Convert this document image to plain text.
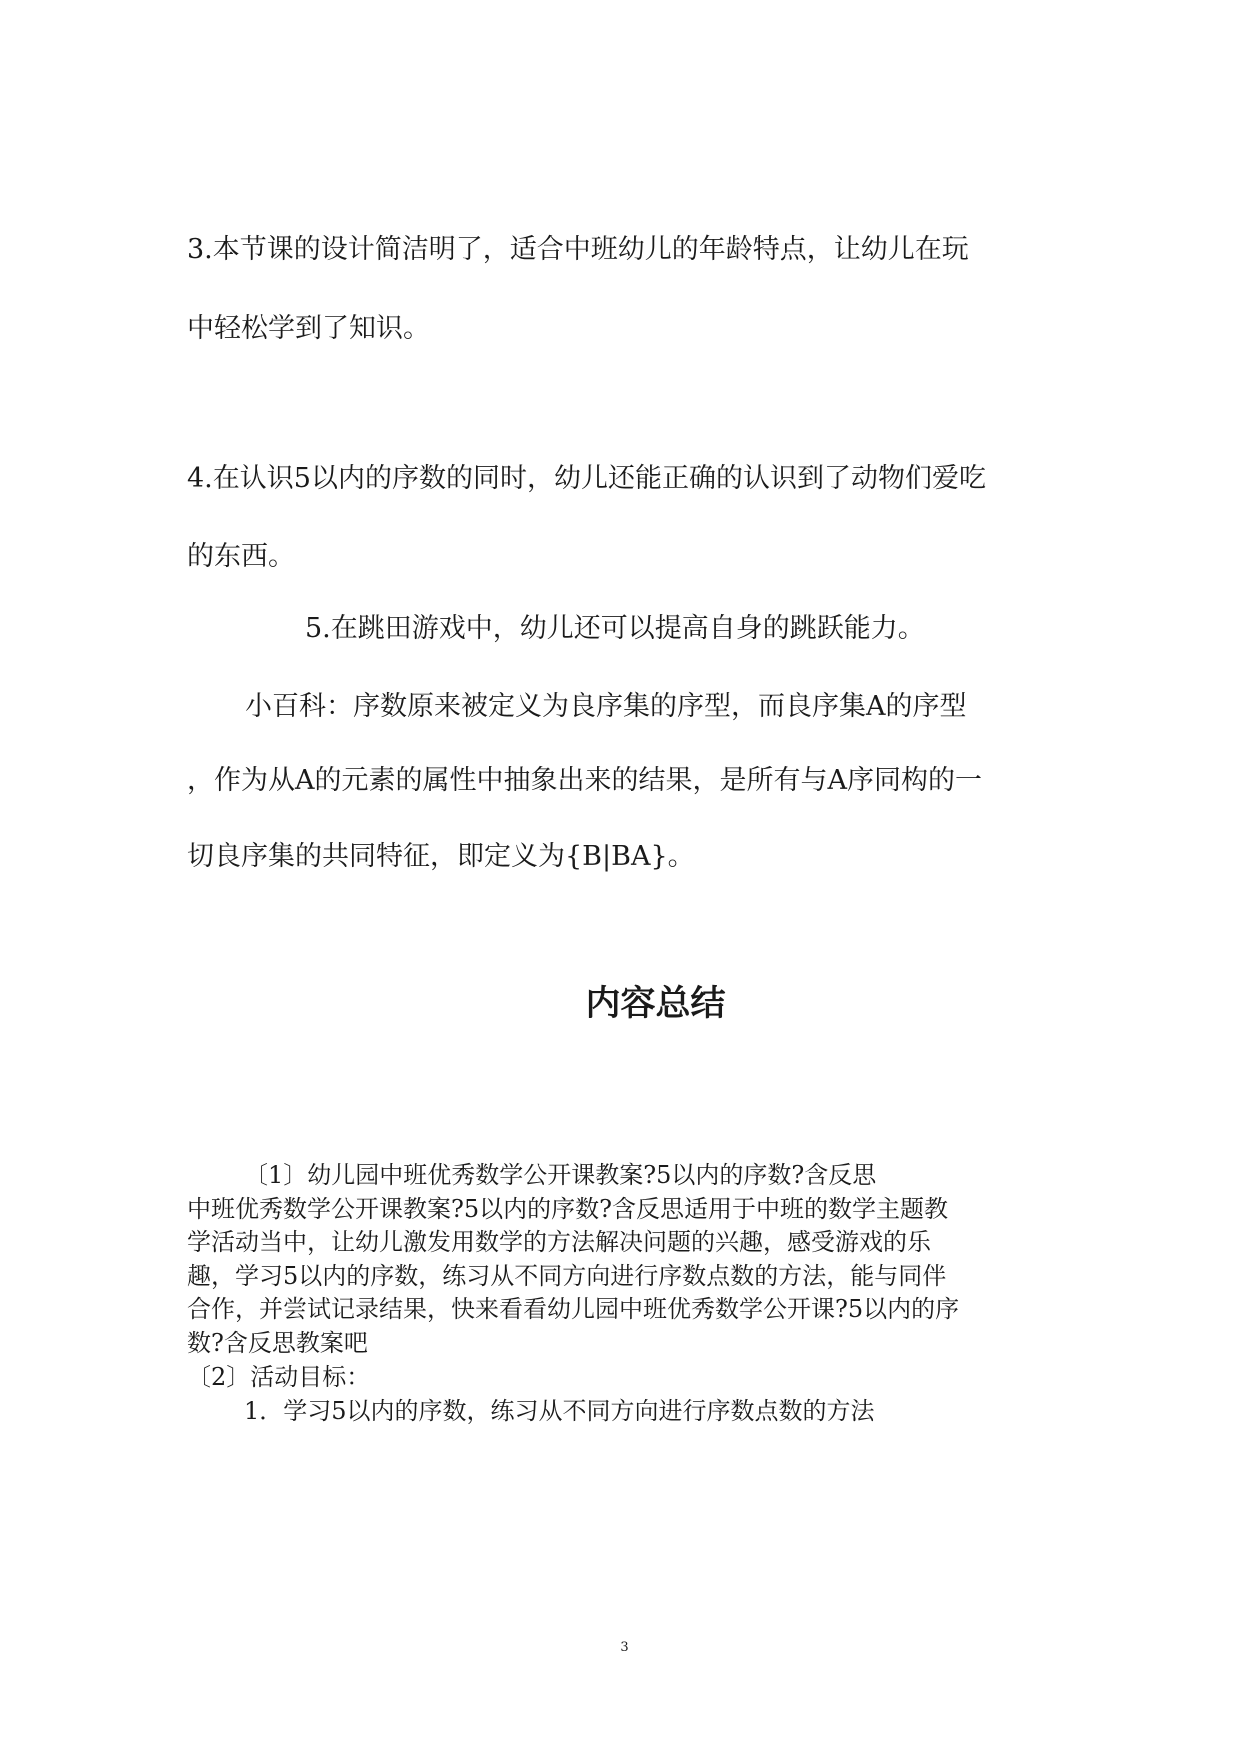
3.本节课的设计简洁明了，适合中班幼儿的年龄特点，让幼儿在玩
中轻松学到了知识。
4.在认识5以内的序数的同时，幼儿还能正确的认识到了动物们爱吃
的东西。
5.在跳田游戏中，幼儿还可以提高自身的跳跃能力。
小百科：序数原来被定义为良序集的序型，而良序集A的序型
，作为从A的元素的属性中抽象出来的结果，是所有与A序同构的一
切良序集的共同特征，即定义为{B|BA}。
内容总结
〔1〕幼儿园中班优秀数学公开课教案?5以内的序数?含反思
中班优秀数学公开课教案?5以内的序数?含反思适用于中班的数学主题教
学活动当中，让幼儿激发用数学的方法解决问题的兴趣，感受游戏的乐
趣，学习5以内的序数，练习从不同方向进行序数点数的方法，能与同伴
合作，并尝试记录结果，快来看看幼儿园中班优秀数学公开课?5以内的序
数?含反思教案吧
〔2〕活动目标：
1．学习5以内的序数，练习从不同方向进行序数点数的方法
3
